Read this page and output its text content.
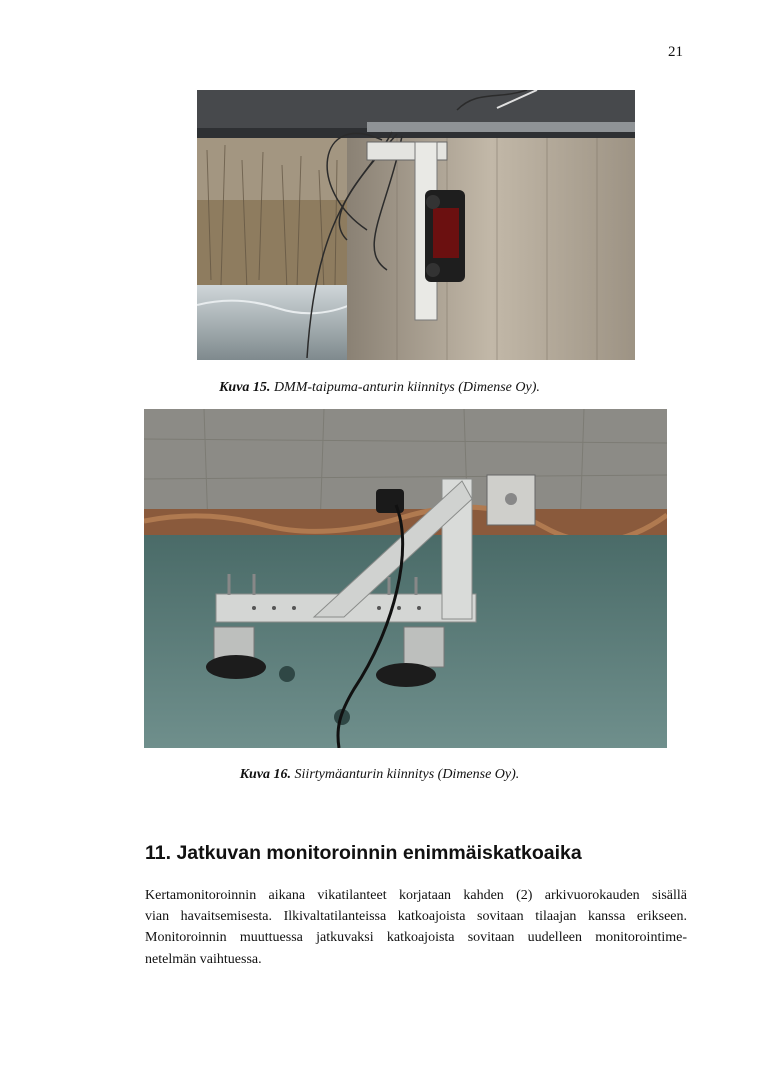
21
Kuva 15. DMM-taipuma-anturin kiinnitys (Dimense Oy).
Kuva 16. Siirtymäanturin kiinnitys (Dimense Oy).
11. Jatkuvan monitoroinnin enimmäiskatkoaika

Kertamonitoroinnin aikana vikatilanteet korjataan kahden (2) arkivuorokauden sisällä
vian havaitsemisesta. Ilkivaltatilanteissa katkoajoista sovitaan tilaajan kanssa erikseen.
Monitoroinnin muuttuessa jatkuvaksi katkoajoista sovitaan uudelleen monitorointime-
netelmän vaihtuessa.
